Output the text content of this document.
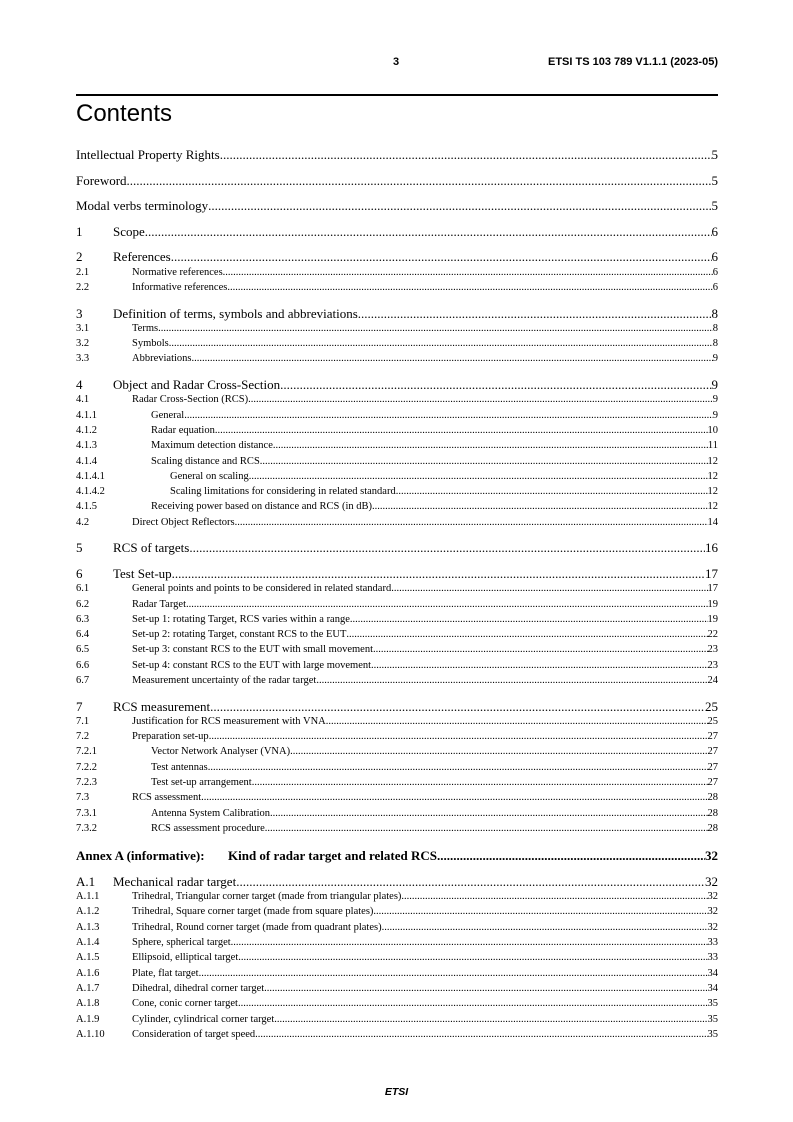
3	ETSI TS 103 789 V1.1.1 (2023-05)
Contents
Intellectual Property Rights .....	5
Foreword .....	5
Modal verbs terminology .....	5
1	Scope .....	6
2	References .....	6
2.1	Normative references .....	6
2.2	Informative references .....	6
3	Definition of terms, symbols and abbreviations .....	8
3.1	Terms .....	8
3.2	Symbols .....	8
3.3	Abbreviations .....	9
4	Object and Radar Cross-Section .....	9
4.1	Radar Cross-Section (RCS) .....	9
4.1.1	General .....	9
4.1.2	Radar equation .....	10
4.1.3	Maximum detection distance .....	11
4.1.4	Scaling distance and RCS .....	12
4.1.4.1	General on scaling .....	12
4.1.4.2	Scaling limitations for considering in related standard .....	12
4.1.5	Receiving power based on distance and RCS (in dB) .....	12
4.2	Direct Object Reflectors .....	14
5	RCS of targets .....	16
6	Test Set-up .....	17
6.1	General points and points to be considered in related standard .....	17
6.2	Radar Target .....	19
6.3	Set-up 1: rotating Target, RCS varies within a range .....	19
6.4	Set-up 2: rotating Target, constant RCS to the EUT .....	22
6.5	Set-up 3: constant RCS to the EUT with small movement .....	23
6.6	Set-up 4: constant RCS to the EUT with large movement .....	23
6.7	Measurement uncertainty of the radar target .....	24
7	RCS measurement .....	25
7.1	Justification for RCS measurement with VNA .....	25
7.2	Preparation set-up .....	27
7.2.1	Vector Network Analyser (VNA) .....	27
7.2.2	Test antennas .....	27
7.2.3	Test set-up arrangement .....	27
7.3	RCS assessment .....	28
7.3.1	Antenna System Calibration .....	28
7.3.2	RCS assessment procedure .....	28
Annex A (informative): Kind of radar target and related RCS .....	32
A.1	Mechanical radar target .....	32
A.1.1	Trihedral, Triangular corner target (made from triangular plates) .....	32
A.1.2	Trihedral, Square corner target (made from square plates) .....	32
A.1.3	Trihedral, Round corner target (made from quadrant plates) .....	32
A.1.4	Sphere, spherical target .....	33
A.1.5	Ellipsoid, elliptical target .....	33
A.1.6	Plate, flat target .....	34
A.1.7	Dihedral, dihedral corner target .....	34
A.1.8	Cone, conic corner target .....	35
A.1.9	Cylinder, cylindrical corner target .....	35
A.1.10	Consideration of target speed .....	35
ETSI
